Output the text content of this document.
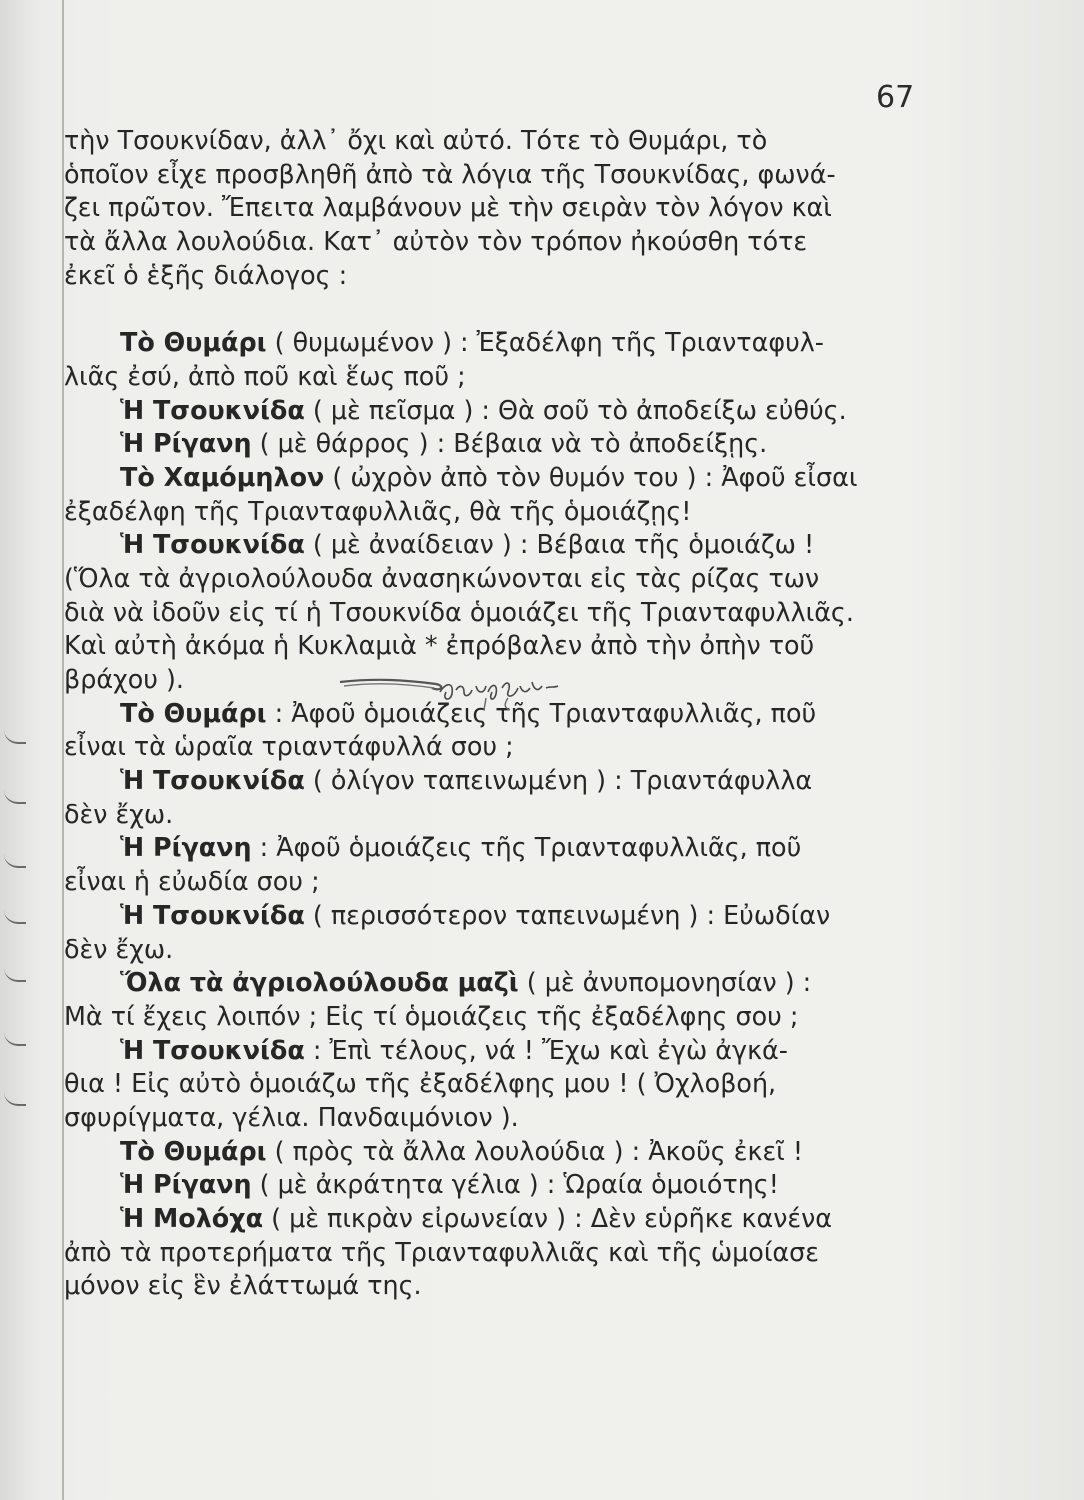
67
τὴν Τσουκνίδαν, ἀλλ᾽ ὄχι καὶ αὐτό. Τότε τὸ Θυμάρι, τὸ
ὁποῖον εἶχε προσβληθῆ ἀπὸ τὰ λόγια τῆς Τσουκνίδας, φωνά-
ζει πρῶτον. Ἔπειτα λαμβάνουν μὲ τὴν σειρὰν τὸν λόγον καὶ
τὰ ἄλλα λουλούδια. Κατ᾽ αὐτὸν τὸν τρόπον ἠκούσθη τότε
ἐκεῖ ὁ ἑξῆς διάλογος :
Τὸ Θυμάρι ( θυμωμένον ) : Ἐξαδέλφη τῆς Τριανταφυλ-
λιᾶς ἐσύ, ἀπὸ ποῦ καὶ ἕως ποῦ ;
Ἡ Τσουκνίδα ( μὲ πεῖσμα ) : Θὰ σοῦ τὸ ἀποδείξω εὐθύς.
Ἡ Ρίγανη ( μὲ θάρρος ) : Βέβαια νὰ τὸ ἀποδείξῃς.
Τὸ Χαμόμηλον ( ὠχρὸν ἀπὸ τὸν θυμόν του ) : Ἀφοῦ εἶσαι
ἐξαδέλφη τῆς Τριανταφυλλιᾶς, θὰ τῆς ὁμοιάζῃς!
Ἡ Τσουκνίδα ( μὲ ἀναίδειαν ) : Βέβαια τῆς ὁμοιάζω !
(Ὅλα τὰ ἀγριολούλουδα ἀνασηκώνονται εἰς τὰς ρίζας των
διὰ νὰ ἰδοῦν εἰς τί ἡ Τσουκνίδα ὁμοιάζει τῆς Τριανταφυλλιᾶς.
Καὶ αὐτὴ ἀκόμα ἡ Κυκλαμιὰ * ἐπρόβαλεν ἀπὸ τὴν ὀπὴν τοῦ
βράχου ).
Τὸ Θυμάρι : Ἀφοῦ ὁμοιάζεις τῆς Τριανταφυλλιᾶς, ποῦ
εἶναι τὰ ὡραῖα τριαντάφυλλά σου ;
Ἡ Τσουκνίδα ( ὀλίγον ταπεινωμένη ) : Τριαντάφυλλα
δὲν ἔχω.
Ἡ Ρίγανη : Ἀφοῦ ὁμοιάζεις τῆς Τριανταφυλλιᾶς, ποῦ
εἶναι ἡ εὐωδία σου ;
Ἡ Τσουκνίδα ( περισσότερον ταπεινωμένη ) : Εὐωδίαν
δὲν ἔχω.
Ὅλα τὰ ἀγριολούλουδα μαζὶ ( μὲ ἀνυπομονησίαν ) :
Μὰ τί ἔχεις λοιπόν ; Εἰς τί ὁμοιάζεις τῆς ἐξαδέλφης σου ;
Ἡ Τσουκνίδα : Ἐπὶ τέλους, νά ! Ἔχω καὶ ἐγὼ ἀγκά-
θια ! Εἰς αὐτὸ ὁμοιάζω τῆς ἐξαδέλφης μου ! ( Ὀχλοβοή,
σφυρίγματα, γέλια. Πανδαιμόνιον ).
Τὸ Θυμάρι ( πρὸς τὰ ἄλλα λουλούδια ) : Ἀκοῦς ἐκεῖ !
Ἡ Ρίγανη ( μὲ ἀκράτητα γέλια ) : Ὡραία ὁμοιότης!
Ἡ Μολόχα ( μὲ πικρὰν εἰρωνείαν ) : Δὲν εὑρῆκε κανένα
ἀπὸ τὰ προτερήματα τῆς Τριανταφυλλιᾶς καὶ τῆς ὡμοίασε
μόνον εἰς ἓν ἐλάττωμά της.
